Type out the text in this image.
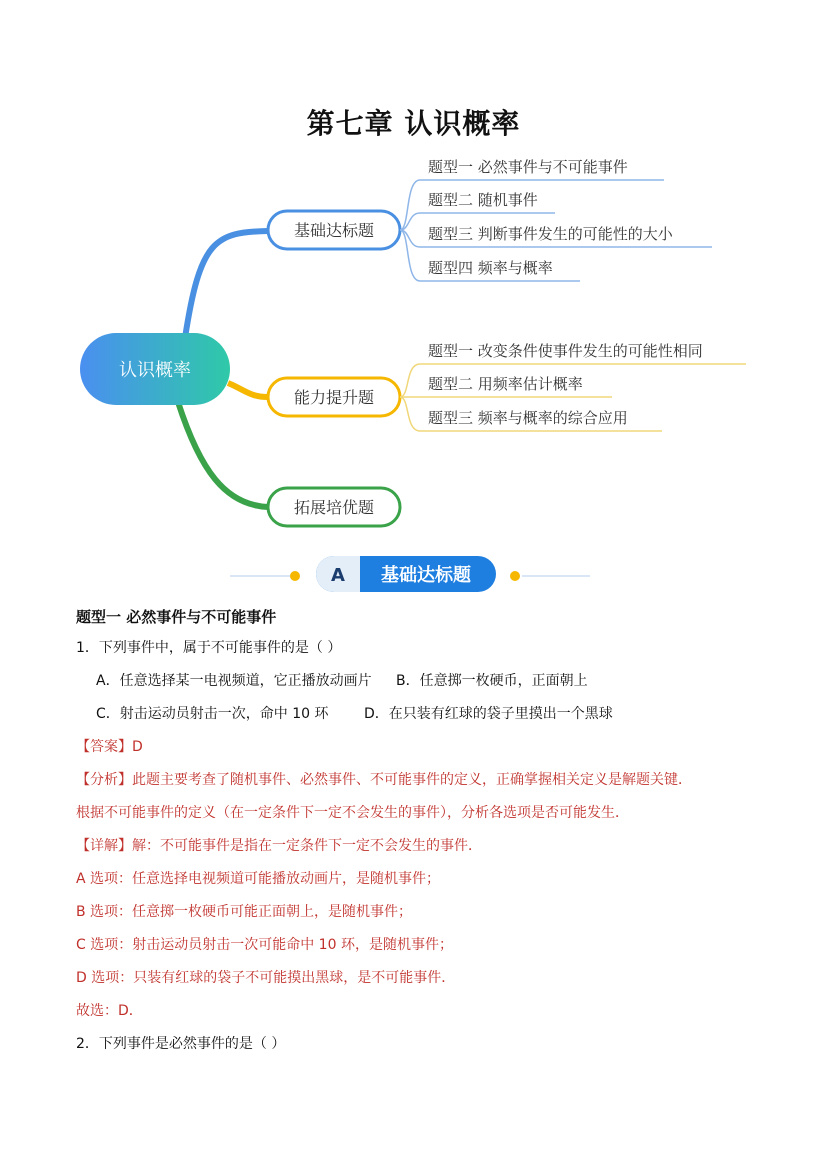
第七章 认识概率
认识概率
基础达标题
能力提升题
拓展培优题
题型一 必然事件与不可能事件
题型二 随机事件
题型三 判断事件发生的可能性的大小
题型四 频率与概率
题型一 改变条件使事件发生的可能性相同
题型二 用频率估计概率
题型三 频率与概率的综合应用
A 基础达标题
题型一 必然事件与不可能事件
1．下列事件中，属于不可能事件的是（ ）
A．任意选择某一电视频道，它正播放动画片 B．任意掷一枚硬币，正面朝上
C．射击运动员射击一次，命中 10 环	D．在只装有红球的袋子里摸出一个黑球
【答案】D
【分析】此题主要考查了随机事件、必然事件、不可能事件的定义，正确掌握相关定义是解题关键．
根据不可能事件的定义（在一定条件下一定不会发生的事件），分析各选项是否可能发生．
【详解】解：不可能事件是指在一定条件下一定不会发生的事件．
A 选项：任意选择电视频道可能播放动画片，是随机事件；
B 选项：任意掷一枚硬币可能正面朝上，是随机事件；
C 选项：射击运动员射击一次可能命中 10 环，是随机事件；
D 选项：只装有红球的袋子不可能摸出黑球，是不可能事件．
故选：D．
2．下列事件是必然事件的是（ ）
